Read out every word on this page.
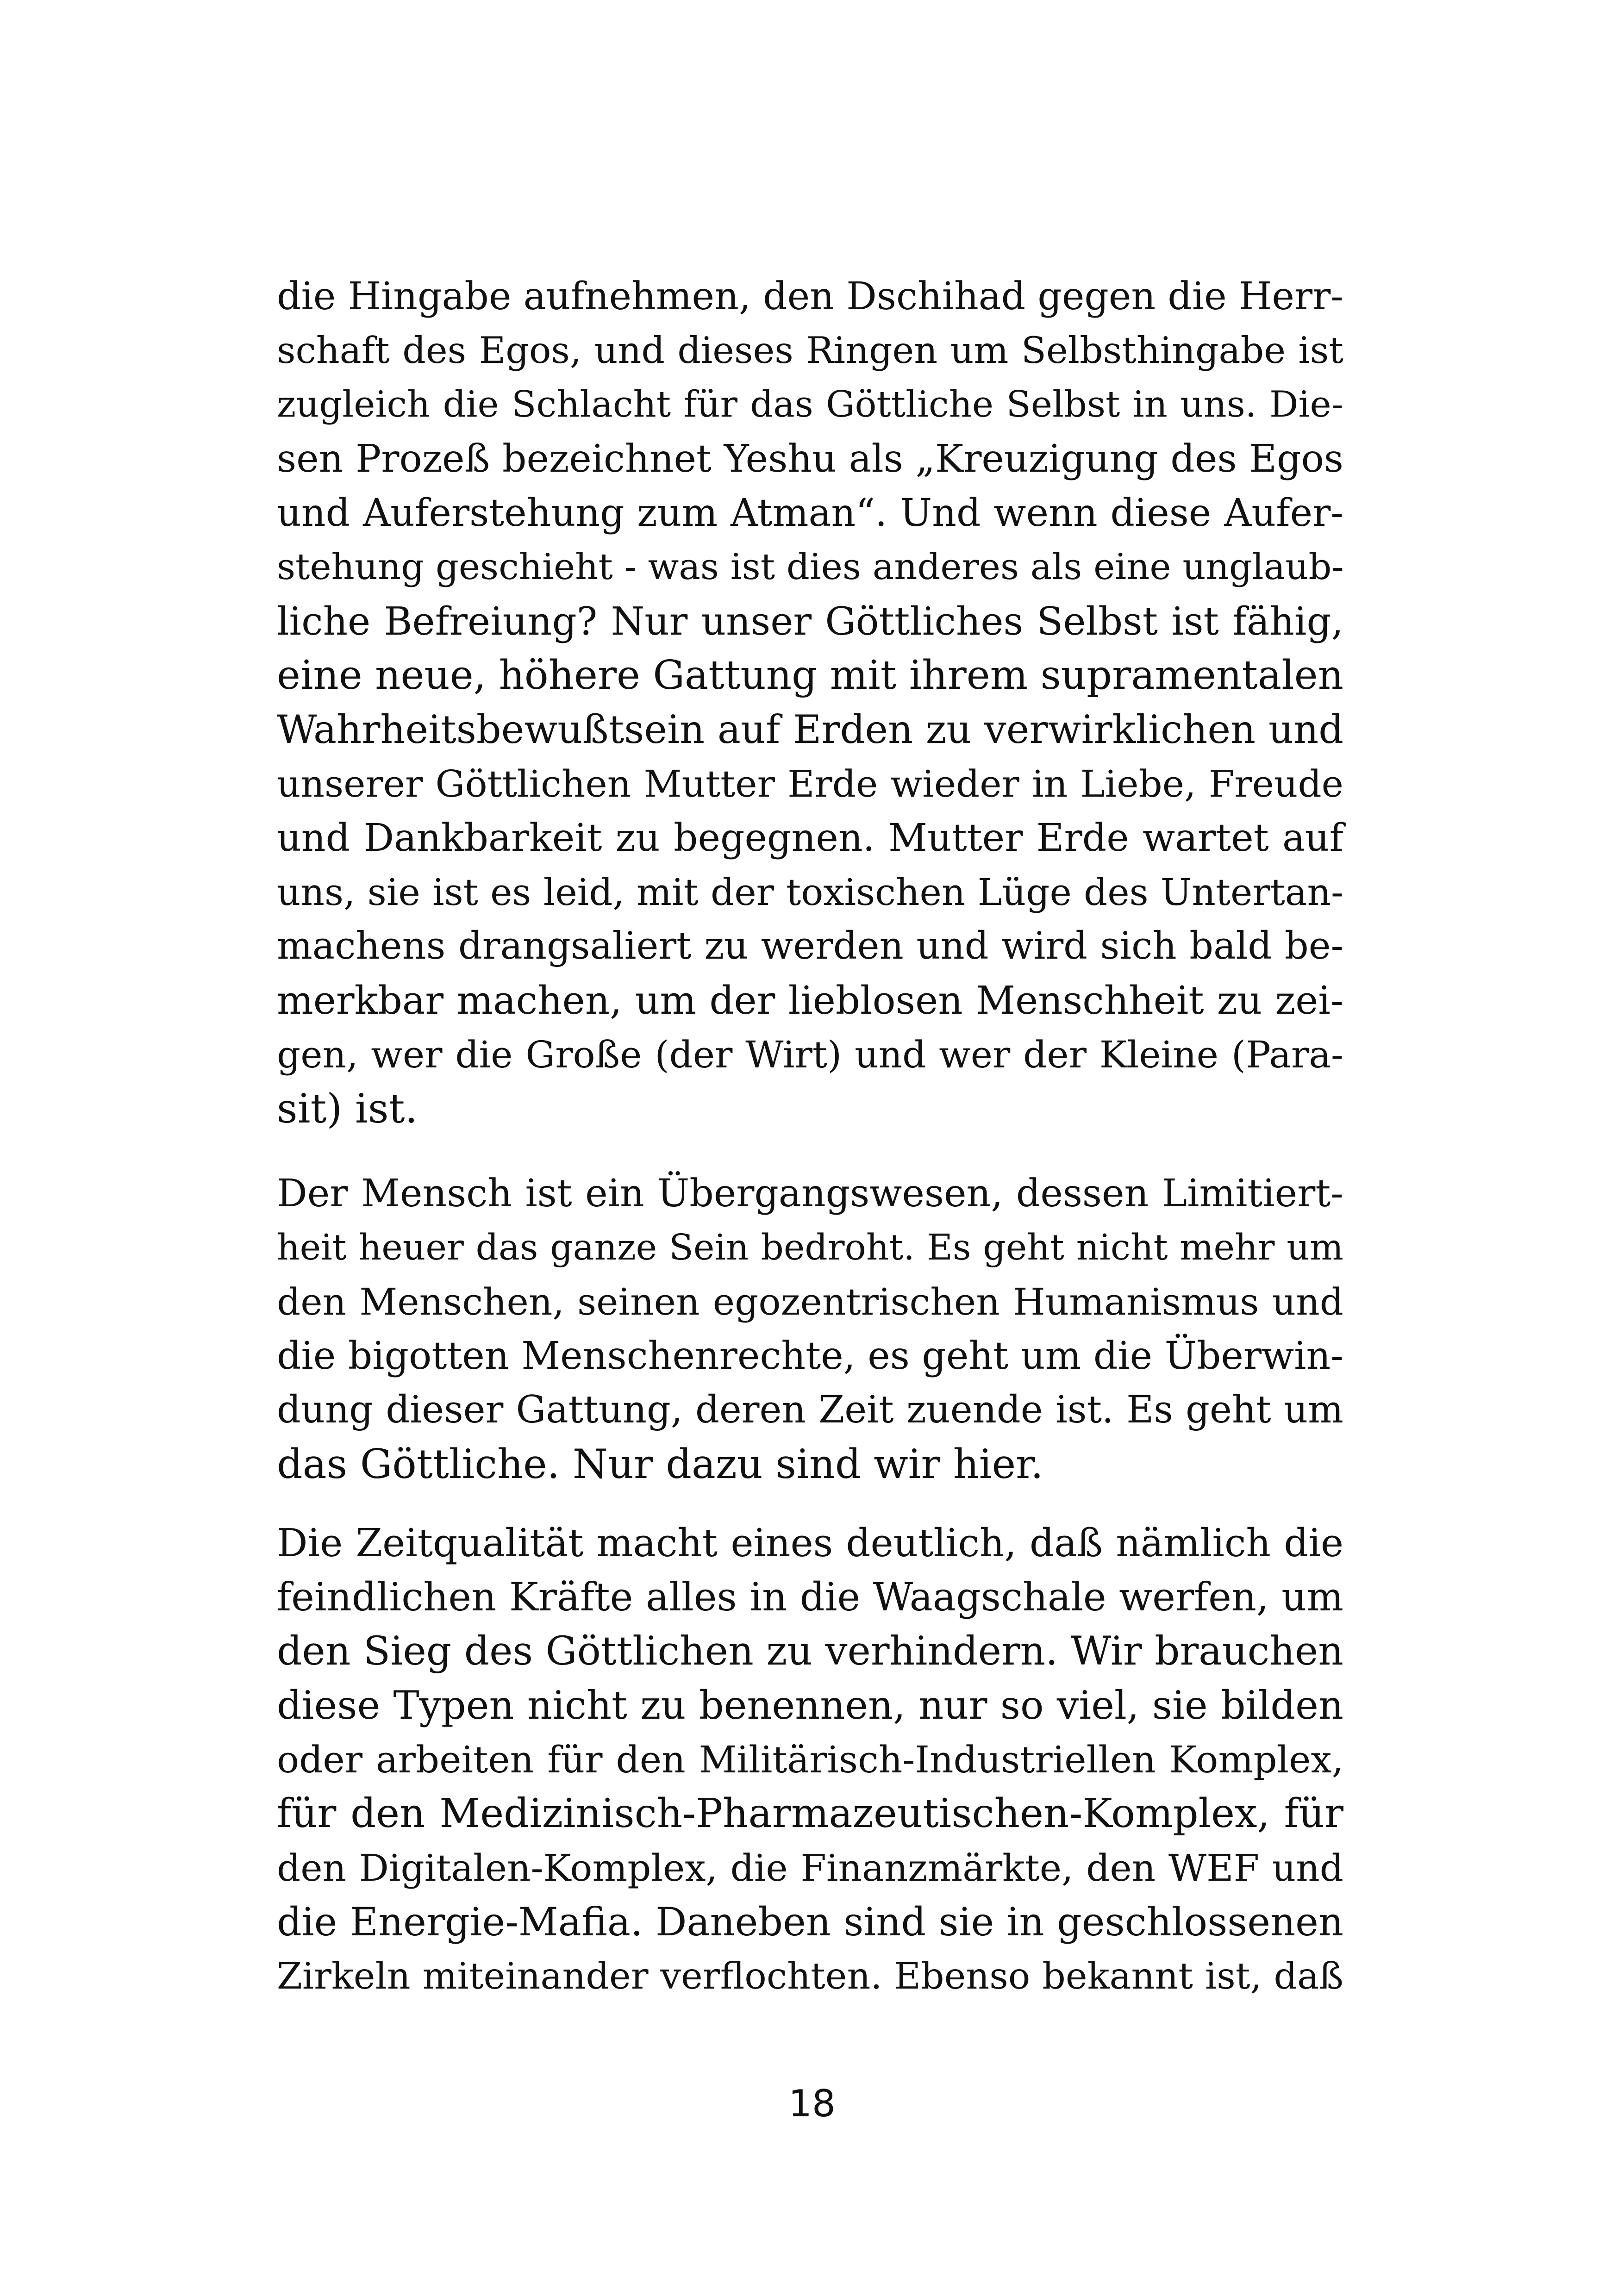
die Hingabe aufnehmen, den Dschihad gegen die Herr-
schaft des Egos, und dieses Ringen um Selbsthingabe ist
zugleich die Schlacht für das Göttliche Selbst in uns. Die-
sen Prozeß bezeichnet Yeshu als „Kreuzigung des Egos
und Auferstehung zum Atman“. Und wenn diese Aufer-
stehung geschieht - was ist dies anderes als eine unglaub-
liche Befreiung? Nur unser Göttliches Selbst ist fähig,
eine neue, höhere Gattung mit ihrem supramentalen
Wahrheitsbewußtsein auf Erden zu verwirklichen und
unserer Göttlichen Mutter Erde wieder in Liebe, Freude
und Dankbarkeit zu begegnen. Mutter Erde wartet auf
uns, sie ist es leid, mit der toxischen Lüge des Untertan-
machens drangsaliert zu werden und wird sich bald be-
merkbar machen, um der lieblosen Menschheit zu zei-
gen, wer die Große (der Wirt) und wer der Kleine (Para-
sit) ist.
Der Mensch ist ein Übergangswesen, dessen Limitiert-
heit heuer das ganze Sein bedroht. Es geht nicht mehr um
den Menschen, seinen egozentrischen Humanismus und
die bigotten Menschenrechte, es geht um die Überwin-
dung dieser Gattung, deren Zeit zuende ist. Es geht um
das Göttliche. Nur dazu sind wir hier.
Die Zeitqualität macht eines deutlich, daß nämlich die
feindlichen Kräfte alles in die Waagschale werfen, um
den Sieg des Göttlichen zu verhindern. Wir brauchen
diese Typen nicht zu benennen, nur so viel, sie bilden
oder arbeiten für den Militärisch-Industriellen Komplex,
für den Medizinisch-Pharmazeutischen-Komplex, für
den Digitalen-Komplex, die Finanzmärkte, den WEF und
die Energie-Mafia. Daneben sind sie in geschlossenen
Zirkeln miteinander verflochten. Ebenso bekannt ist, daß
18
